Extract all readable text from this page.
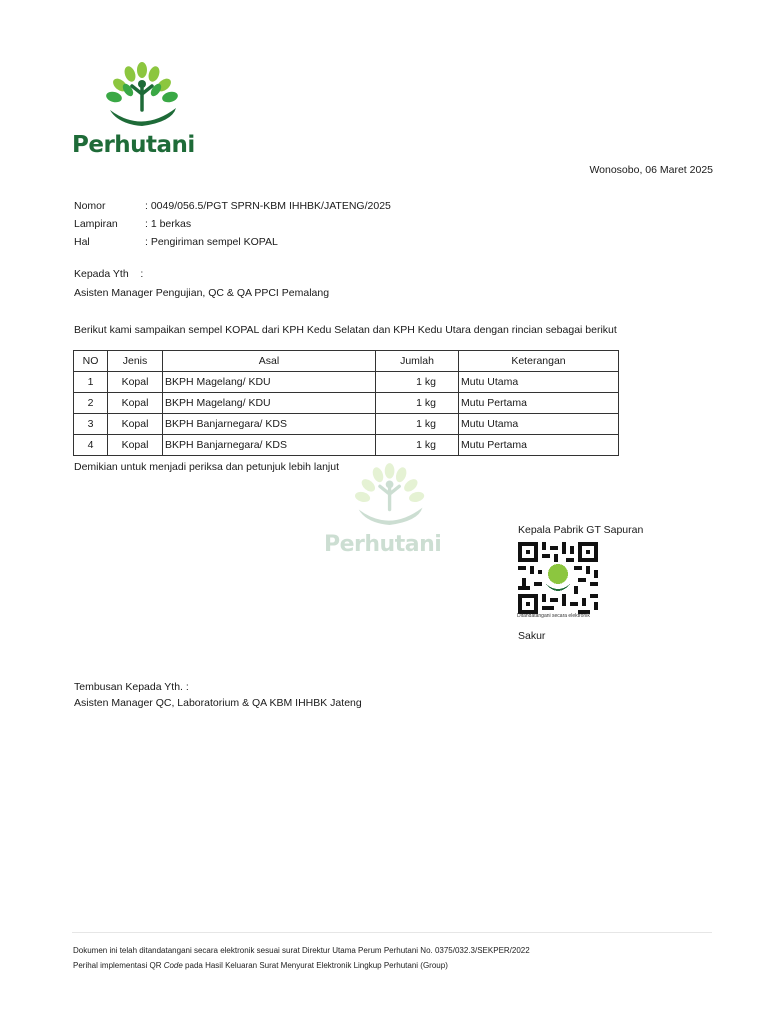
Perhutani
Wonosobo, 06 Maret 2025
Nomor	: 0049/056.5/PGT SPRN-KBM IHHBK/JATENG/2025
Lampiran	: 1 berkas
Hal	: Pengiriman sempel KOPAL
Kepada Yth    :
Asisten Manager Pengujian, QC & QA PPCI Pemalang
Berikut kami sampaikan sempel KOPAL dari KPH Kedu Selatan dan KPH Kedu Utara dengan rincian sebagai berikut
NO	Jenis	Asal	Jumlah	Keterangan
1	Kopal	BKPH Magelang/ KDU	1 kg	Mutu Utama
2	Kopal	BKPH Magelang/ KDU	1 kg	Mutu Pertama
3	Kopal	BKPH Banjarnegara/ KDS	1 kg	Mutu Utama
4	Kopal	BKPH Banjarnegara/ KDS	1 kg	Mutu Pertama
Demikian untuk menjadi periksa dan petunjuk lebih lanjut
Perhutani
Kepala Pabrik GT Sapuran
Ditandatangani secara elektronik
Sakur
Tembusan Kepada Yth. :
Asisten Manager QC, Laboratorium & QA KBM IHHBK Jateng
Dokumen ini telah ditandatangani secara elektronik sesuai surat Direktur Utama Perum Perhutani No. 0375/032.3/SEKPER/2022
Perihal implementasi QR Code pada Hasil Keluaran Surat Menyurat Elektronik Lingkup Perhutani (Group)
